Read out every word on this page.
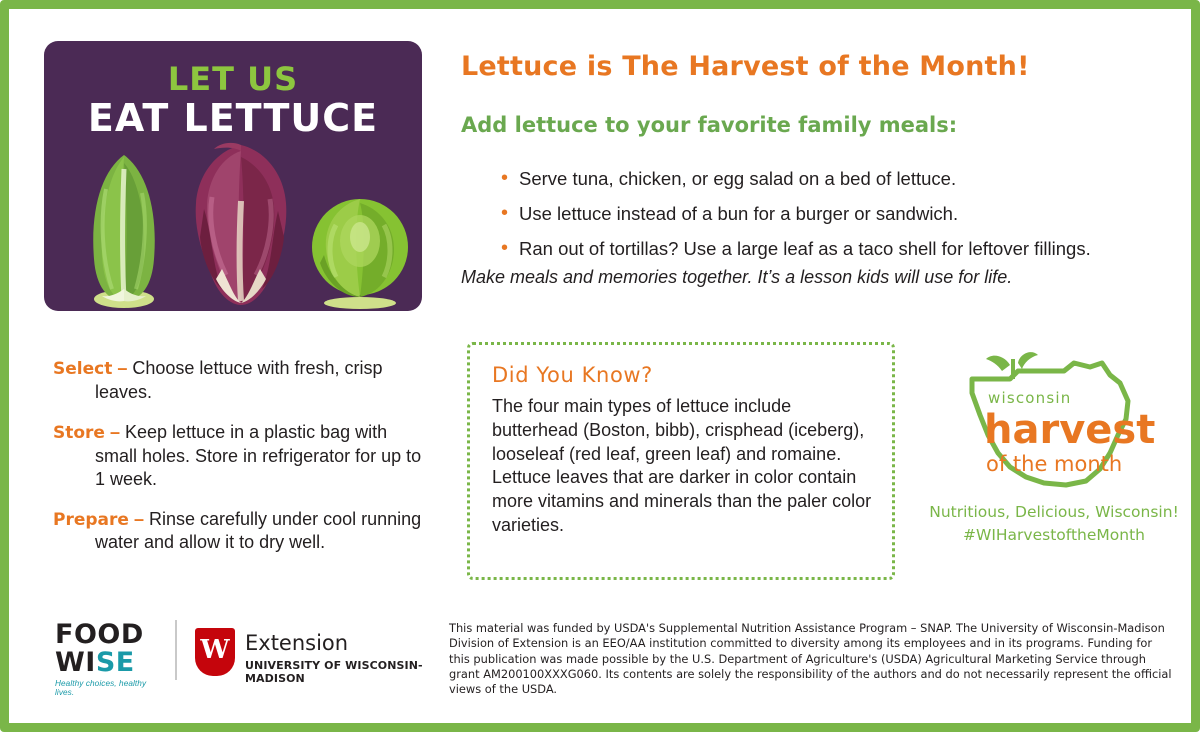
LET US
EAT LETTUCE
Lettuce is The Harvest of the Month!
Add lettuce to your favorite family meals:
• Serve tuna, chicken, or egg salad on a bed of lettuce.
• Use lettuce instead of a bun for a burger or sandwich.
• Ran out of tortillas? Use a large leaf as a taco shell for leftover fillings.
Make meals and memories together. It’s a lesson kids will use for life.
Select – Choose lettuce with fresh, crisp leaves.
Store – Keep lettuce in a plastic bag with small holes. Store in refrigerator for up to 1 week.
Prepare – Rinse carefully under cool running water and allow it to dry well.
Did You Know?
The four main types of lettuce include butterhead (Boston, bibb), crisphead (iceberg), looseleaf (red leaf, green leaf) and romaine. Lettuce leaves that are darker in color contain more vitamins and minerals than the paler color varieties.
wisconsin
harvest
of the month
Nutritious, Delicious, Wisconsin!
#WIHarvestoftheMonth
FOOD
WISE
Healthy choices, healthy lives.
W Extension
UNIVERSITY OF WISCONSIN-MADISON
This material was funded by USDA's Supplemental Nutrition Assistance Program – SNAP. The University of Wisconsin-Madison Division of Extension is an EEO/AA institution committed to diversity among its employees and in its programs. Funding for this publication was made possible by the U.S. Department of Agriculture's (USDA) Agricultural Marketing Service through grant AM200100XXXG060. Its contents are solely the responsibility of the authors and do not necessarily represent the official views of the USDA.
